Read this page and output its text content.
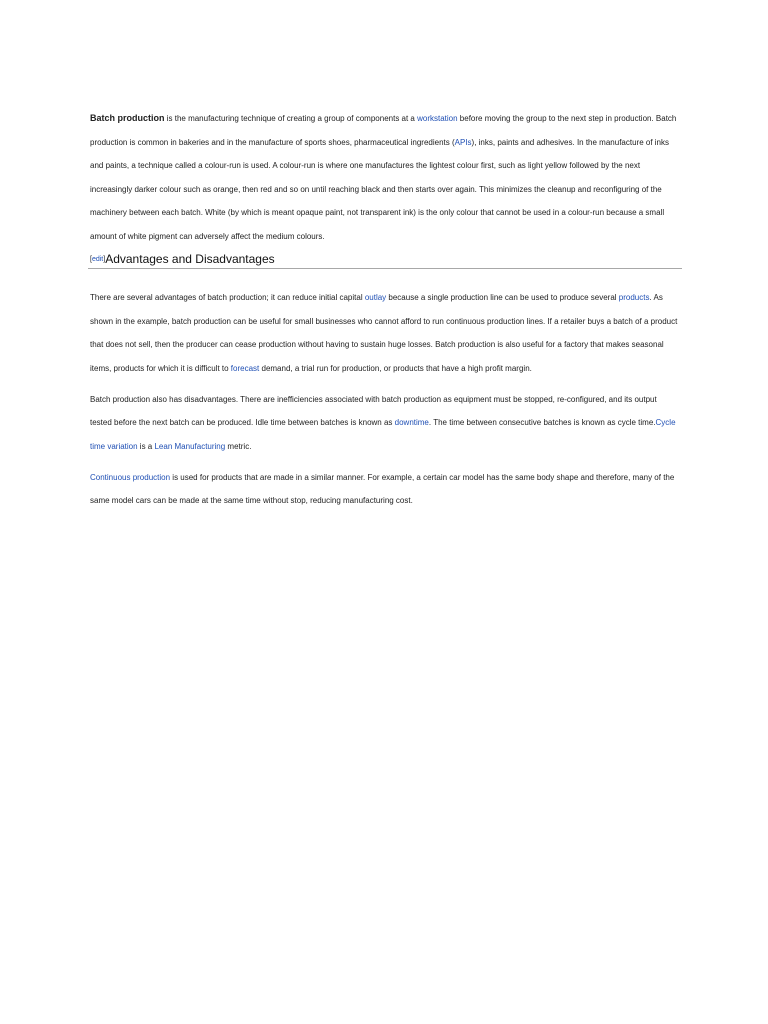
Batch production is the manufacturing technique of creating a group of components at a workstation before moving the group to the next step in production. Batch production is common in bakeries and in the manufacture of sports shoes, pharmaceutical ingredients (APIs), inks, paints and adhesives. In the manufacture of inks and paints, a technique called a colour-run is used. A colour-run is where one manufactures the lightest colour first, such as light yellow followed by the next increasingly darker colour such as orange, then red and so on until reaching black and then starts over again. This minimizes the cleanup and reconfiguring of the machinery between each batch. White (by which is meant opaque paint, not transparent ink) is the only colour that cannot be used in a colour-run because a small amount of white pigment can adversely affect the medium colours.

[edit] Advantages and Disadvantages

There are several advantages of batch production; it can reduce initial capital outlay because a single production line can be used to produce several products. As shown in the example, batch production can be useful for small businesses who cannot afford to run continuous production lines. If a retailer buys a batch of a product that does not sell, then the producer can cease production without having to sustain huge losses. Batch production is also useful for a factory that makes seasonal items, products for which it is difficult to forecast demand, a trial run for production, or products that have a high profit margin.

Batch production also has disadvantages. There are inefficiencies associated with batch production as equipment must be stopped, re-configured, and its output tested before the next batch can be produced. Idle time between batches is known as downtime. The time between consecutive batches is known as cycle time.Cycle time variation is a Lean Manufacturing metric.

Continuous production is used for products that are made in a similar manner. For example, a certain car model has the same body shape and therefore, many of the same model cars can be made at the same time without stop, reducing manufacturing cost.
